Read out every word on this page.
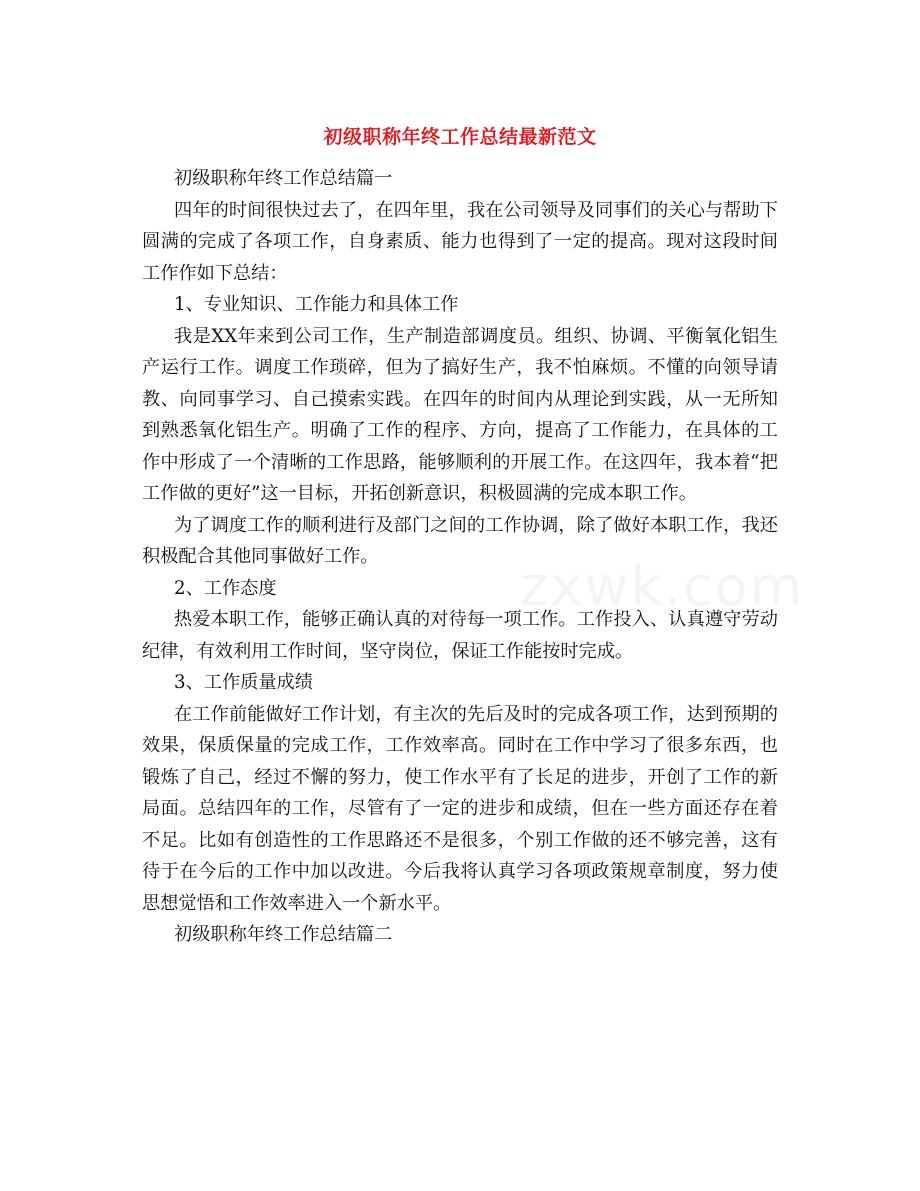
初级职称年终工作总结最新范文

初级职称年终工作总结篇一

四年的时间很快过去了，在四年里，我在公司领导及同事们的关心与帮助下圆满的完成了各项工作，自身素质、能力也得到了一定的提高。现对这段时间工作作如下总结：

1、专业知识、工作能力和具体工作

我是XX年来到公司工作，生产制造部调度员。组织、协调、平衡氧化铝生产运行工作。调度工作琐碎，但为了搞好生产，我不怕麻烦。不懂的向领导请教、向同事学习、自己摸索实践。在四年的时间内从理论到实践，从一无所知到熟悉氧化铝生产。明确了工作的程序、方向，提高了工作能力，在具体的工作中形成了一个清晰的工作思路，能够顺利的开展工作。在这四年，我本着“把工作做的更好”这一目标，开拓创新意识，积极圆满的完成本职工作。

为了调度工作的顺利进行及部门之间的工作协调，除了做好本职工作，我还积极配合其他同事做好工作。

2、工作态度

热爱本职工作，能够正确认真的对待每一项工作。工作投入、认真遵守劳动纪律，有效利用工作时间，坚守岗位，保证工作能按时完成。

3、工作质量成绩

在工作前能做好工作计划，有主次的先后及时的完成各项工作，达到预期的效果，保质保量的完成工作，工作效率高。同时在工作中学习了很多东西，也锻炼了自己，经过不懈的努力，使工作水平有了长足的进步，开创了工作的新局面。总结四年的工作，尽管有了一定的进步和成绩，但在一些方面还存在着不足。比如有创造性的工作思路还不是很多，个别工作做的还不够完善，这有待于在今后的工作中加以改进。今后我将认真学习各项政策规章制度，努力使思想觉悟和工作效率进入一个新水平。

初级职称年终工作总结篇二
